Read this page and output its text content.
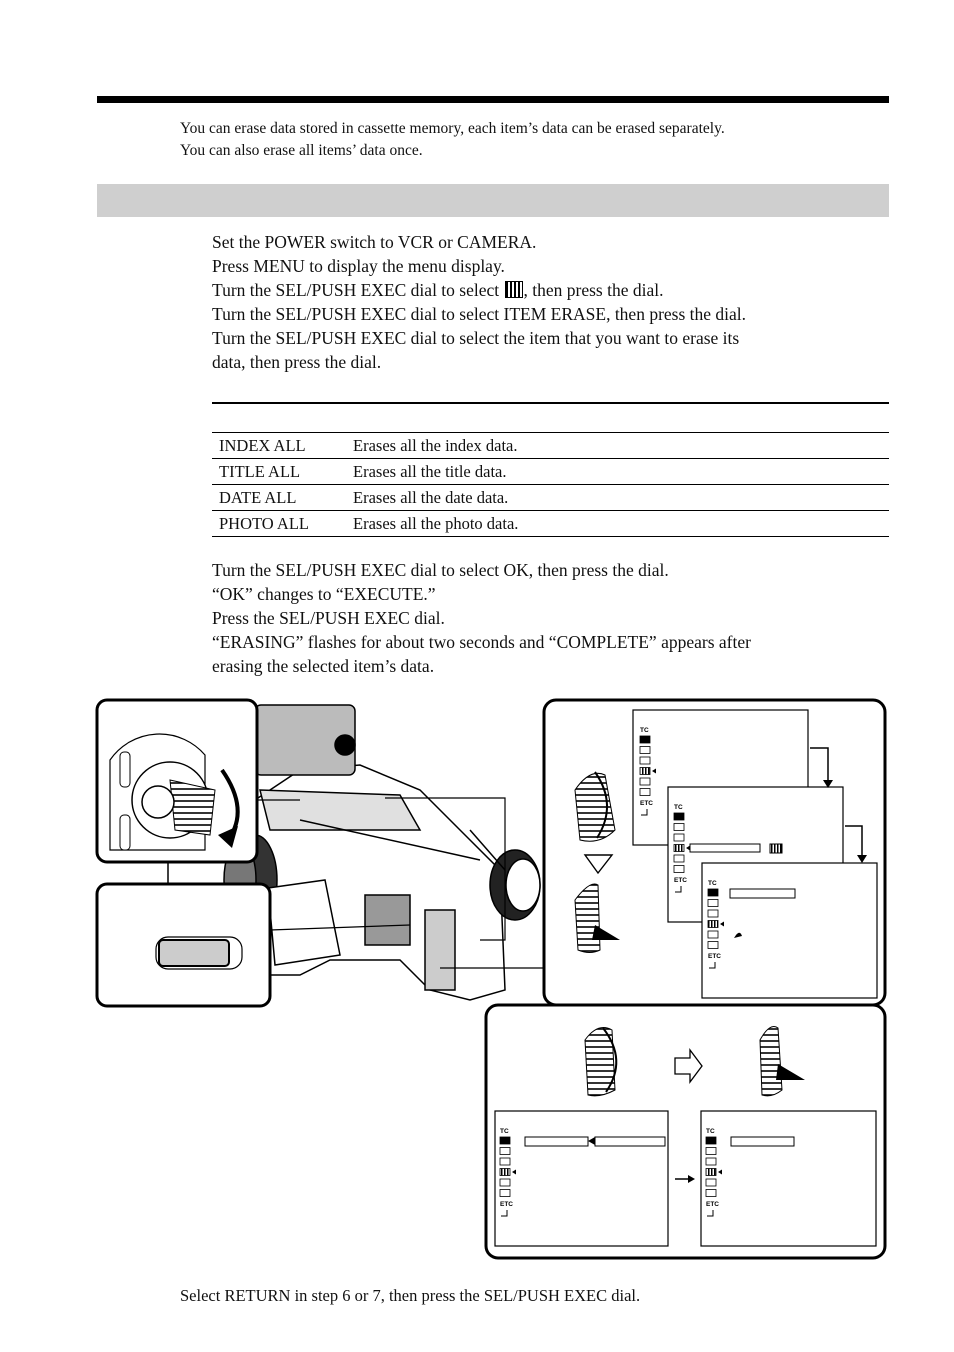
You can erase data stored in cassette memory, each item’s data can be erased separately.
You can also erase all items’ data once.
Set the POWER switch to VCR or CAMERA.
Press MENU to display the menu display.
Turn the SEL/PUSH EXEC dial to select , then press the dial.
Turn the SEL/PUSH EXEC dial to select ITEM ERASE, then press the dial.
Turn the SEL/PUSH EXEC dial to select the item that you want to erase its
data, then press the dial.
INDEX ALL	Erases all the index data.
TITLE ALL	Erases all the title data.
DATE ALL	Erases all the date data.
PHOTO ALL	Erases all the photo data.
Turn the SEL/PUSH EXEC dial to select OK, then press the dial.
“OK” changes to “EXECUTE.”
Press the SEL/PUSH EXEC dial.
“ERASING” flashes for about two seconds and “COMPLETE” appears after
erasing the selected item’s data.
TC
ETC
TC
ETC	TC
ETC
TC
ETC
TC
ETC
Select RETURN in step 6 or 7, then press the SEL/PUSH EXEC dial.
